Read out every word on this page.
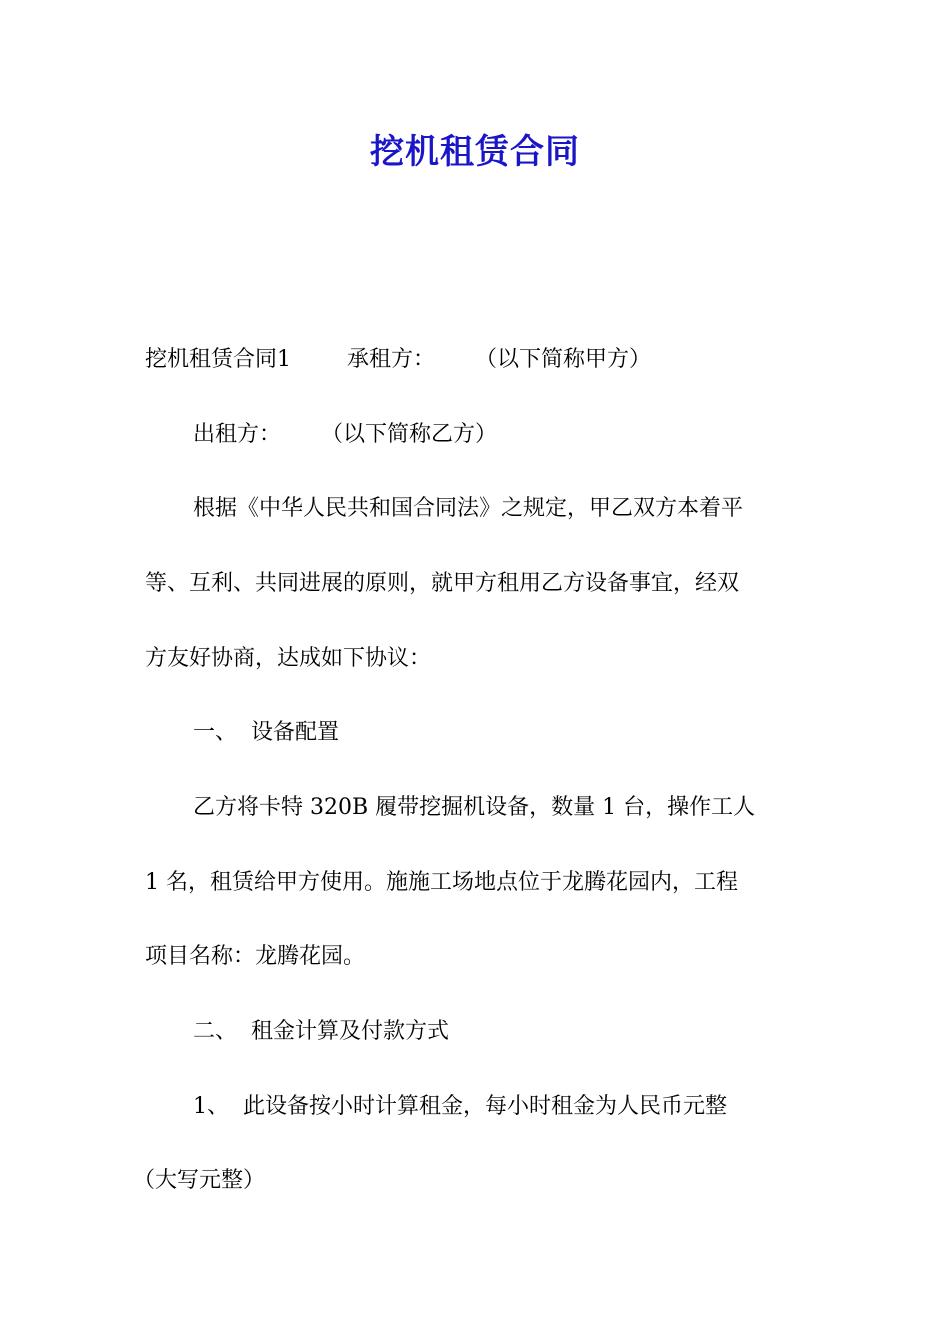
挖机租赁合同
挖机租赁合同1	承租方： （以下简称甲方）
出租方： （以下简称乙方）
根据《中华人民共和国合同法》之规定，甲乙双方本着平
等、互利、共同进展的原则，就甲方租用乙方设备事宜，经双
方友好协商，达成如下协议：
一、 设备配置
乙方将卡特 320B 履带挖掘机设备，数量 1 台，操作工人
1 名，租赁给甲方使用。施施工场地点位于龙腾花园内，工程
项目名称：龙腾花园。
二、 租金计算及付款方式
1、 此设备按小时计算租金，每小时租金为人民币元整
（大写元整）
